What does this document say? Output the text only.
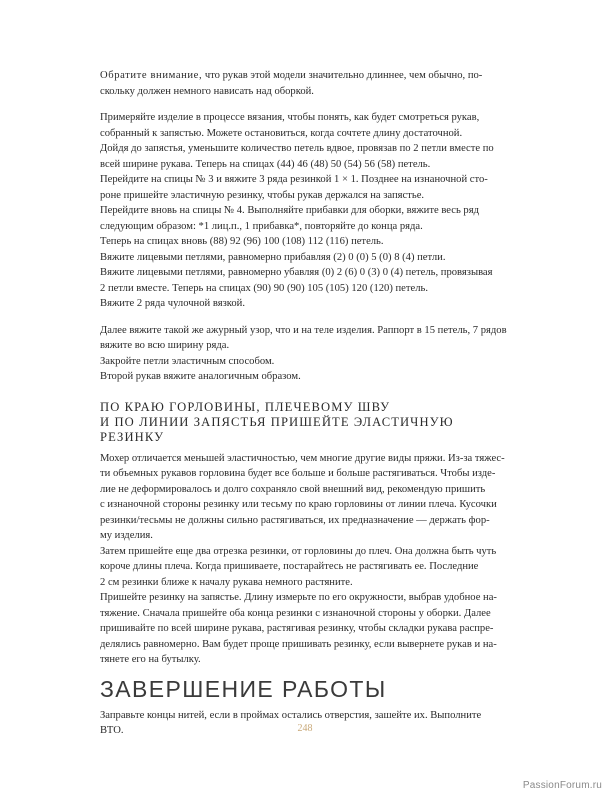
Обратите внимание, что рукав этой модели значительно длиннее, чем обычно, по-
скольку должен немного нависать над оборкой.

Примеряйте изделие в процессе вязания, чтобы понять, как будет смотреться рукав,
собранный к запястью. Можете остановиться, когда сочтете длину достаточной.
Дойдя до запястья, уменьшите количество петель вдвое, провязав по 2 петли вместе по
всей ширине рукава. Теперь на спицах (44) 46 (48) 50 (54) 56 (58) петель.
Перейдите на спицы № 3 и вяжите 3 ряда резинкой 1 × 1. Позднее на изнаночной сто-
роне пришейте эластичную резинку, чтобы рукав держался на запястье.
Перейдите вновь на спицы № 4. Выполняйте прибавки для оборки, вяжите весь ряд
следующим образом: *1 лиц.п., 1 прибавка*, повторяйте до конца ряда.
Теперь на спицах вновь (88) 92 (96) 100 (108) 112 (116) петель.
Вяжите лицевыми петлями, равномерно прибавляя (2) 0 (0) 5 (0) 8 (4) петли.
Вяжите лицевыми петлями, равномерно убавляя (0) 2 (6) 0 (3) 0 (4) петель, провязывая
2 петли вместе. Теперь на спицах (90) 90 (90) 105 (105) 120 (120) петель.
Вяжите 2 ряда чулочной вязкой.

Далее вяжите такой же ажурный узор, что и на теле изделия. Раппорт в 15 петель, 7 рядов
вяжите во всю ширину ряда.
Закройте петли эластичным способом.
Второй рукав вяжите аналогичным образом.

ПО КРАЮ ГОРЛОВИНЫ, ПЛЕЧЕВОМУ ШВУ
И ПО ЛИНИИ ЗАПЯСТЬЯ ПРИШЕЙТЕ ЭЛАСТИЧНУЮ РЕЗИНКУ

Мохер отличается меньшей эластичностью, чем многие другие виды пряжи. Из-за тяжес-
ти объемных рукавов горловина будет все больше и больше растягиваться. Чтобы изде-
лие не деформировалось и долго сохраняло свой внешний вид, рекомендую пришить
с изнаночной стороны резинку или тесьму по краю горловины от линии плеча. Кусочки
резинки/тесьмы не должны сильно растягиваться, их предназначение — держать фор-
му изделия.

Затем пришейте еще два отрезка резинки, от горловины до плеч. Она должна быть чуть
короче длины плеча. Когда пришиваете, постарайтесь не растягивать ее. Последние
2 см резинки ближе к началу рукава немного растяните.

Пришейте резинку на запястье. Длину измерьте по его окружности, выбрав удобное на-
тяжение. Сначала пришейте оба конца резинки с изнаночной стороны у оборки. Далее
пришивайте по всей ширине рукава, растягивая резинку, чтобы складки рукава распре-
делялись равномерно. Вам будет проще пришивать резинку, если вывернете рукав и на-
тянете его на бутылку.

ЗАВЕРШЕНИЕ РАБОТЫ

Заправьте концы нитей, если в проймах остались отверстия, зашейте их. Выполните
ВТО.	248
PassionForum.ru
